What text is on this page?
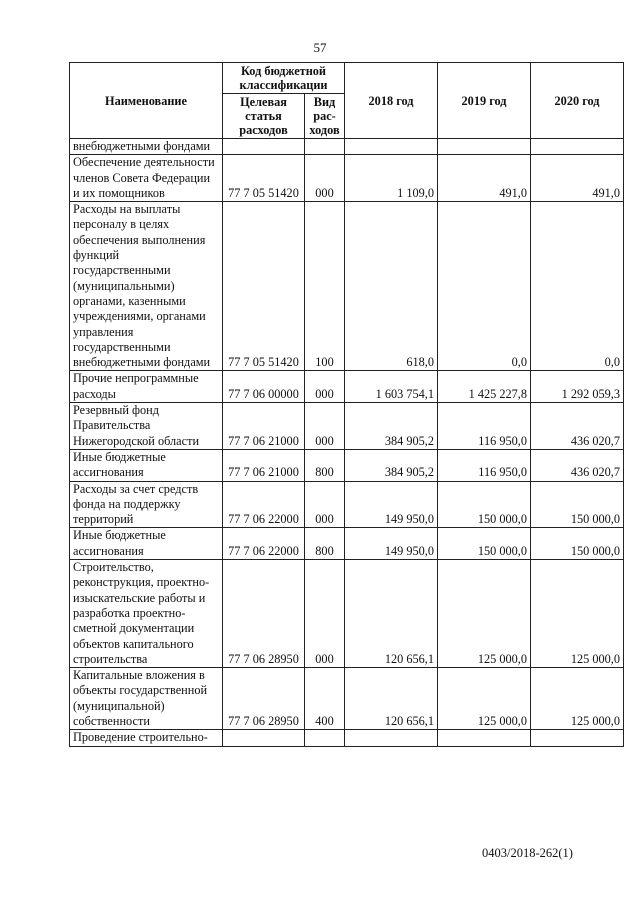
57
Наименование	Код бюджетной классификации		2018 год	2019 год	2020 год
	Целевая статья расходов	Вид рас-ходов			
внебюджетными фондами					
Обеспечение деятельности членов Совета Федерации и их помощников	77 7 05 51420	000	1 109,0	491,0	491,0
Расходы на выплаты персоналу в целях обеспечения выполнения функций государственными (муниципальными) органами, казенными учреждениями, органами управления государственными внебюджетными фондами	77 7 05 51420	100	618,0	0,0	0,0
Прочие непрограммные расходы	77 7 06 00000	000	1 603 754,1	1 425 227,8	1 292 059,3
Резервный фонд Правительства Нижегородской области	77 7 06 21000	000	384 905,2	116 950,0	436 020,7
Иные бюджетные ассигнования	77 7 06 21000	800	384 905,2	116 950,0	436 020,7
Расходы за счет средств фонда на поддержку территорий	77 7 06 22000	000	149 950,0	150 000,0	150 000,0
Иные бюджетные ассигнования	77 7 06 22000	800	149 950,0	150 000,0	150 000,0
Строительство, реконструкция, проектно-изыскательские работы и разработка проектно-сметной документации объектов капитального строительства	77 7 06 28950	000	120 656,1	125 000,0	125 000,0
Капитальные вложения в объекты государственной (муниципальной) собственности	77 7 06 28950	400	120 656,1	125 000,0	125 000,0
Проведение строительно-					
0403/2018-262(1)
